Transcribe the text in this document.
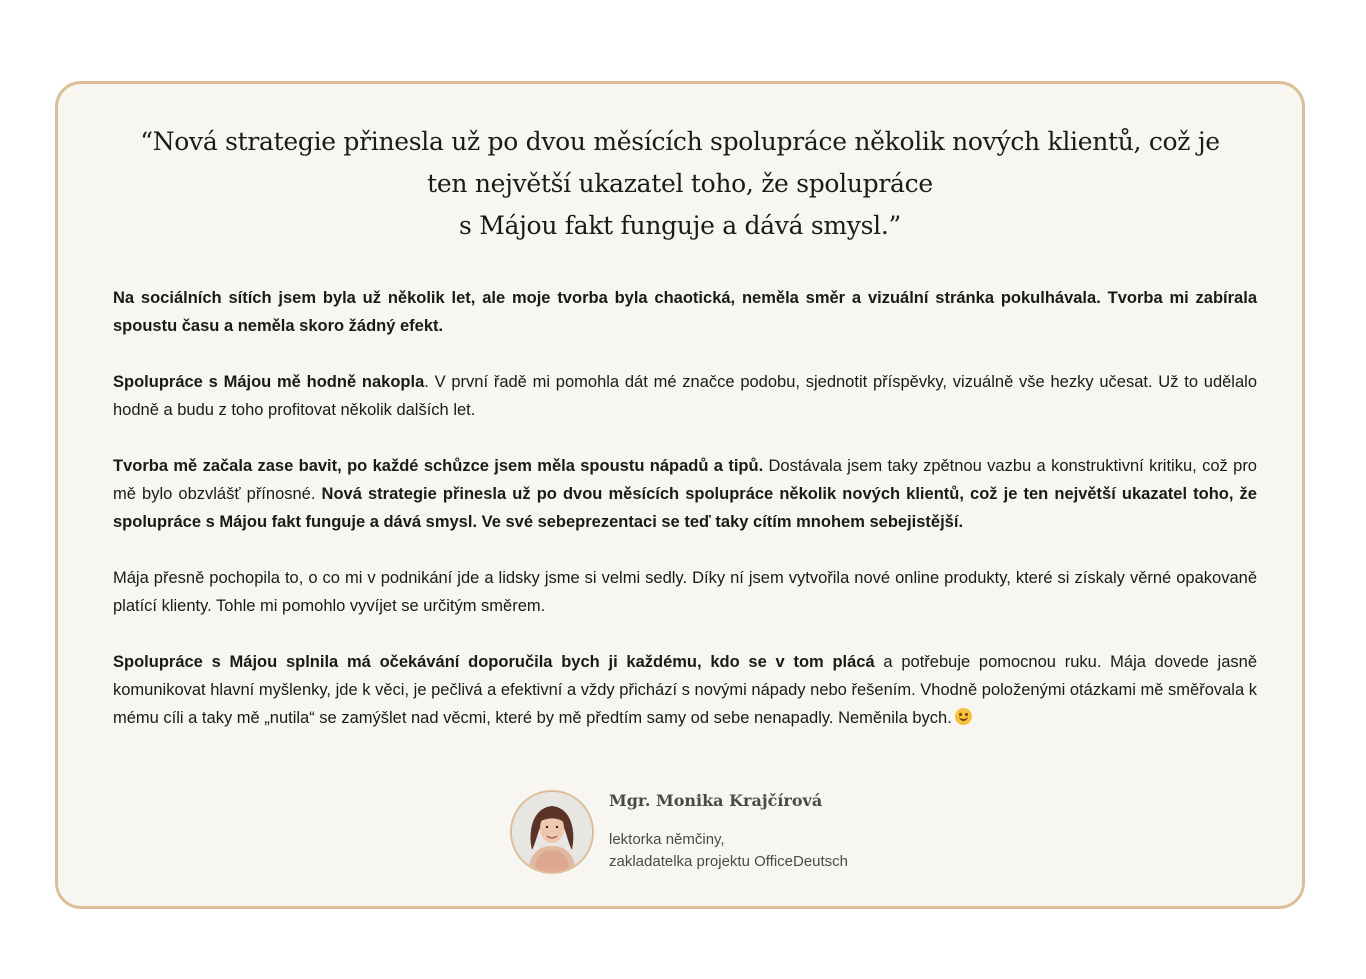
“Nová strategie přinesla už po dvou měsících spolupráce několik nových klientů, což je
ten největší ukazatel toho, že spolupráce
s Májou fakt funguje a dává smysl.”

Na sociálních sítích jsem byla už několik let, ale moje tvorba byla chaotická, neměla směr a vizuální stránka pokulhávala. Tvorba mi zabírala spoustu času a neměla skoro žádný efekt.

Spolupráce s Májou mě hodně nakopla. V první řadě mi pomohla dát mé značce podobu, sjednotit příspěvky, vizuálně vše hezky učesat. Už to udělalo hodně a budu z toho profitovat několik dalších let.

Tvorba mě začala zase bavit, po každé schůzce jsem měla spoustu nápadů a tipů. Dostávala jsem taky zpětnou vazbu a konstruktivní kritiku, což pro mě bylo obzvlášť přínosné. Nová strategie přinesla už po dvou měsících spolupráce několik nových klientů, což je ten největší ukazatel toho, že spolupráce s Májou fakt funguje a dává smysl. Ve své sebeprezentaci se teď taky cítím mnohem sebejistější.

Mája přesně pochopila to, o co mi v podnikání jde a lidsky jsme si velmi sedly. Díky ní jsem vytvořila nové online produkty, které si získaly věrné opakovaně platící klienty. Tohle mi pomohlo vyvíjet se určitým směrem.

Spolupráce s Májou splnila má očekávání doporučila bych ji každému, kdo se v tom plácá a potřebuje pomocnou ruku. Mája dovede jasně komunikovat hlavní myšlenky, jde k věci, je pečlivá a efektivní a vždy přichází s novými nápady nebo řešením. Vhodně položenými otázkami mě směřovala k mému cíli a taky mě „nutila“ se zamýšlet nad věcmi, které by mě předtím samy od sebe nenapadly. Neměnila bych.

Mgr. Monika Krajčírová
lektorka němčiny,
zakladatelka projektu OfficeDeutsch
